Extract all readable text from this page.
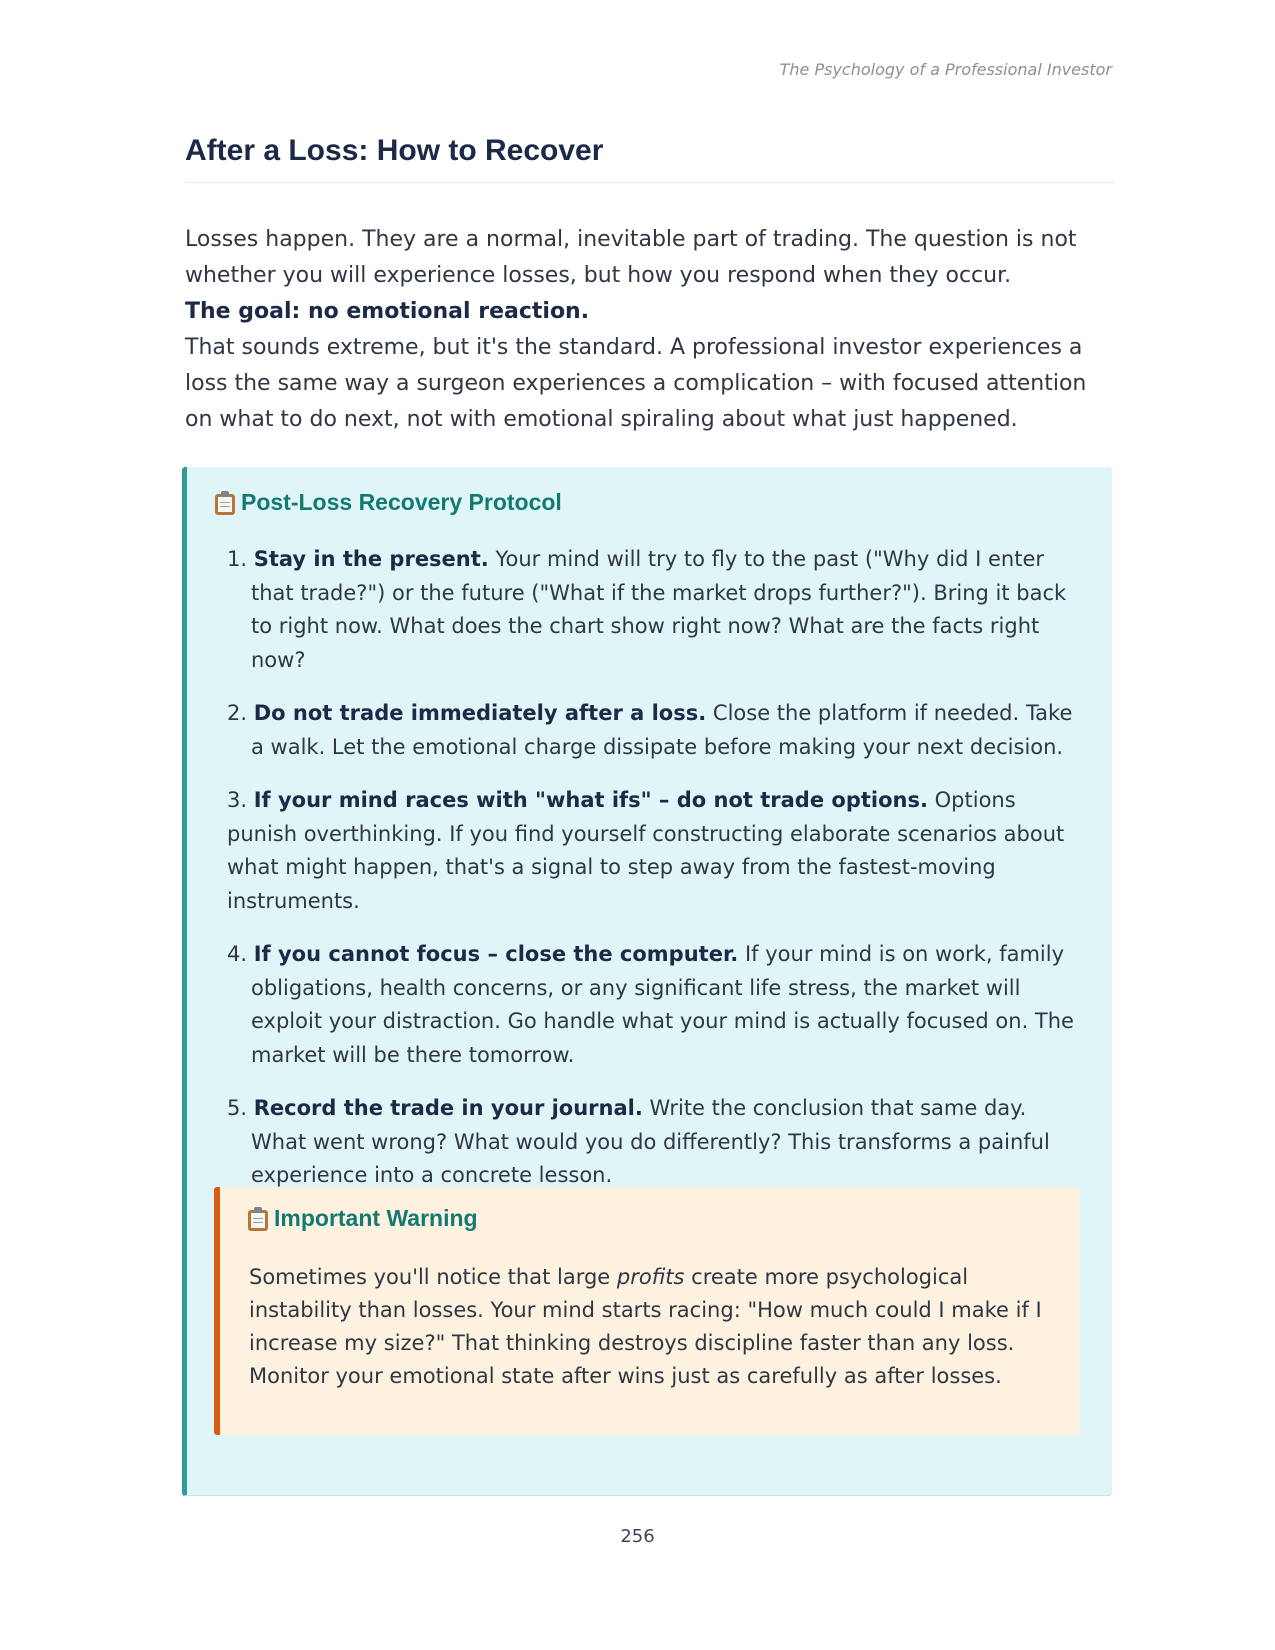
The Psychology of a Professional Investor
After a Loss: How to Recover

Losses happen. They are a normal, inevitable part of trading. The question is not whether you will experience losses, but how you respond when they occur.

The goal: no emotional reaction.

That sounds extreme, but it's the standard. A professional investor experiences a loss the same way a surgeon experiences a complication – with focused attention on what to do next, not with emotional spiraling about what just happened.

Post-Loss Recovery Protocol
1. Stay in the present. Your mind will try to fly to the past ("Why did I enter that trade?") or the future ("What if the market drops further?"). Bring it back to right now. What does the chart show right now? What are the facts right now?
2. Do not trade immediately after a loss. Close the platform if needed. Take a walk. Let the emotional charge dissipate before making your next decision.
3. If your mind races with "what ifs" – do not trade options. Options punish overthinking. If you find yourself constructing elaborate scenarios about what might happen, that's a signal to step away from the fastest-moving instruments.
4. If you cannot focus – close the computer. If your mind is on work, family obligations, health concerns, or any significant life stress, the market will exploit your distraction. Go handle what your mind is actually focused on. The market will be there tomorrow.
5. Record the trade in your journal. Write the conclusion that same day. What went wrong? What would you do differently? This transforms a painful experience into a concrete lesson.
Important Warning

Sometimes you'll notice that large profits create more psychological instability than losses. Your mind starts racing: "How much could I make if I increase my size?" That thinking destroys discipline faster than any loss. Monitor your emotional state after wins just as carefully as after losses.

256
